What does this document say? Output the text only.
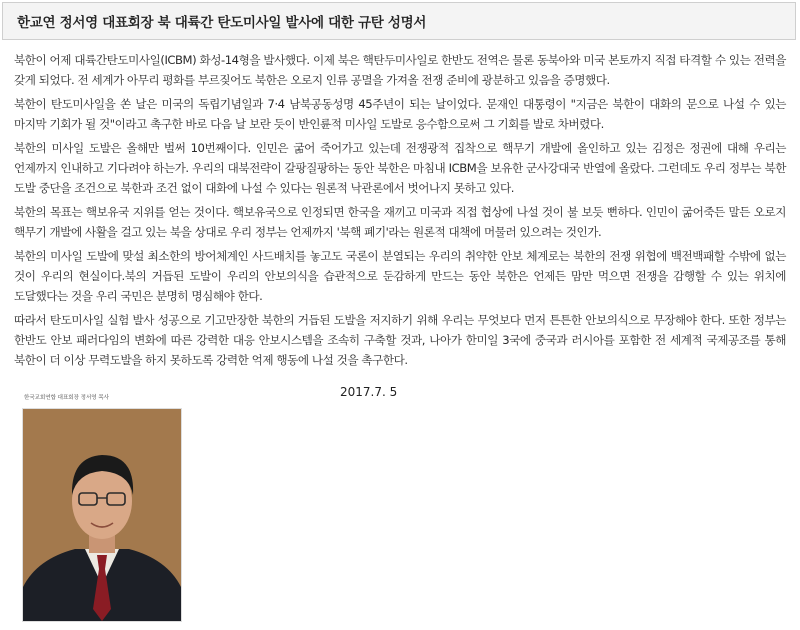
한교연 정서영 대표회장 북 대륙간 탄도미사일 발사에 대한 규탄 성명서

북한이 어제 대륙간탄도미사일(ICBM) 화성-14형을 발사했다. 이제 북은 핵탄두미사일로 한반도 전역은 물론 동북아와 미국 본토까지 직접 타격할 수 있는 전력을 갖게 되었다. 전 세계가 아무리 평화를 부르짖어도 북한은 오로지 인류 공멸을 가져올 전쟁 준비에 광분하고 있음을 증명했다.

북한이 탄도미사일을 쏜 날은 미국의 독립기념일과 7·4 남북공동성명 45주년이 되는 날이었다. 문재인 대통령이 "지금은 북한이 대화의 문으로 나설 수 있는 마지막 기회가 될 것"이라고 촉구한 바로 다음 날 보란 듯이 반인륜적 미사일 도발로 응수함으로써 그 기회를 발로 차버렸다.

북한의 미사일 도발은 올해만 벌써 10번째이다. 인민은 굶어 죽어가고 있는데 전쟁광적 집착으로 핵무기 개발에 올인하고 있는 김정은 정권에 대해 우리는 언제까지 인내하고 기다려야 하는가. 우리의 대북전략이 갈팡질팡하는 동안 북한은 마침내 ICBM을 보유한 군사강대국 반열에 올랐다. 그런데도 우리 정부는 북한 도발 중단을 조건으로 북한과 조건 없이 대화에 나설 수 있다는 원론적 낙관론에서 벗어나지 못하고 있다.

북한의 목표는 핵보유국 지위를 얻는 것이다. 핵보유국으로 인정되면 한국을 재끼고 미국과 직접 협상에 나설 것이 불 보듯 뻔하다. 인민이 굶어죽든 말든 오로지 핵무기 개발에 사활을 걸고 있는 북을 상대로 우리 정부는 언제까지 '북핵 폐기'라는 원론적 대책에 머물러 있으려는 것인가.

북한의 미사일 도발에 맞설 최소한의 방어체계인 사드배치를 놓고도 국론이 분열되는 우리의 취약한 안보 체계로는 북한의 전쟁 위협에 백전백패할 수밖에 없는 것이 우리의 현실이다.북의 거듭된 도발이 우리의 안보의식을 습관적으로 둔감하게 만드는 동안 북한은 언제든 맘만 먹으면 전쟁을 감행할 수 있는 위치에 도달했다는 것을 우리 국민은 분명히 명심해야 한다.

따라서 탄도미사일 실험 발사 성공으로 기고만장한 북한의 거듭된 도발을 저지하기 위해 우리는 무엇보다 먼저 튼튼한 안보의식으로 무장해야 한다. 또한 정부는 한반도 안보 패러다임의 변화에 따른 강력한 대응 안보시스템을 조속히 구축할 것과, 나아가 한미일 3국에 중국과 러시아를 포함한 전 세계적 국제공조를 통해 북한이 더 이상 무력도발을 하지 못하도록 강력한 억제 행동에 나설 것을 촉구한다.

2017.7. 5
한국교회연합 대표회장 정서영 목사
